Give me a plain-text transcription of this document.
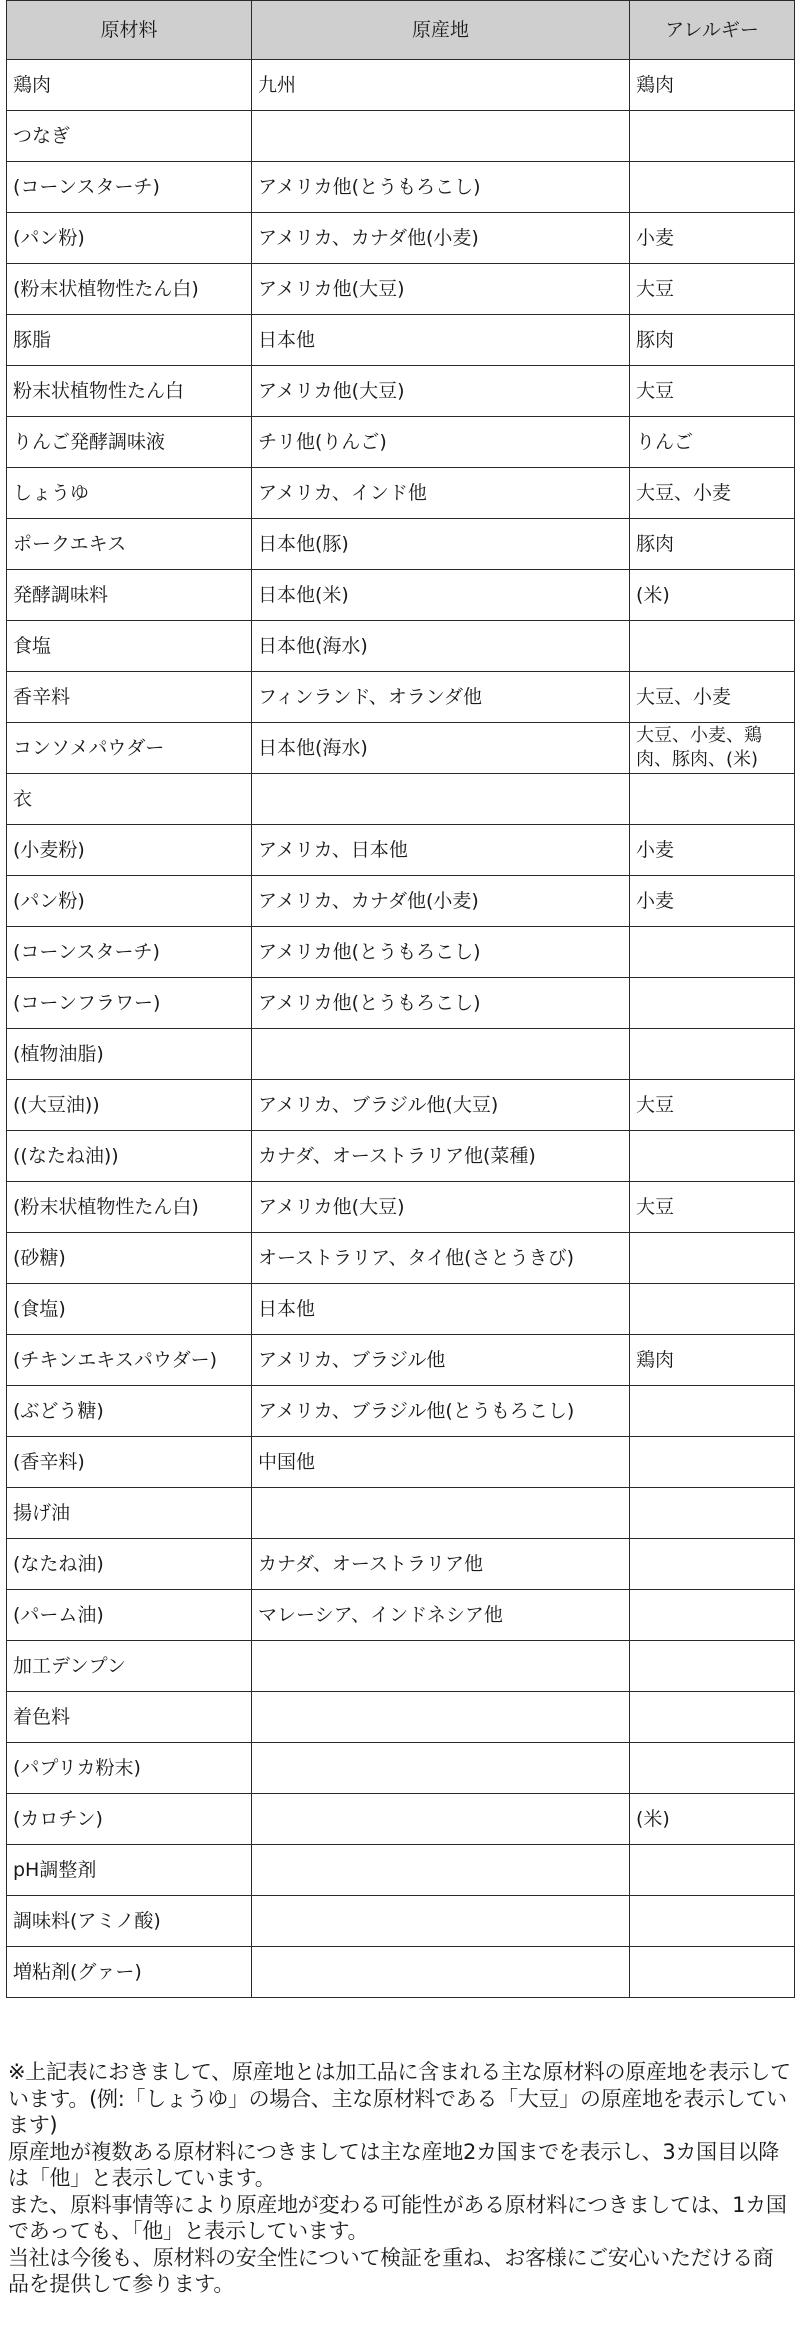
原材料	原産地	アレルギー
鶏肉	九州	鶏肉
つなぎ		
(コーンスターチ)	アメリカ他(とうもろこし)	
(パン粉)	アメリカ、カナダ他(小麦)	小麦
(粉末状植物性たん白)	アメリカ他(大豆)	大豆
豚脂	日本他	豚肉
粉末状植物性たん白	アメリカ他(大豆)	大豆
りんご発酵調味液	チリ他(りんご)	りんご
しょうゆ	アメリカ、インド他	大豆、小麦
ポークエキス	日本他(豚)	豚肉
発酵調味料	日本他(米)	(米)
食塩	日本他(海水)	
香辛料	フィンランド、オランダ他	大豆、小麦
コンソメパウダー	日本他(海水)	大豆、小麦、鶏肉、豚肉、(米)
衣		
(小麦粉)	アメリカ、日本他	小麦
(パン粉)	アメリカ、カナダ他(小麦)	小麦
(コーンスターチ)	アメリカ他(とうもろこし)	
(コーンフラワー)	アメリカ他(とうもろこし)	
(植物油脂)		
((大豆油))	アメリカ、ブラジル他(大豆)	大豆
((なたね油))	カナダ、オーストラリア他(菜種)	
(粉末状植物性たん白)	アメリカ他(大豆)	大豆
(砂糖)	オーストラリア、タイ他(さとうきび)	
(食塩)	日本他	
(チキンエキスパウダー)	アメリカ、ブラジル他	鶏肉
(ぶどう糖)	アメリカ、ブラジル他(とうもろこし)	
(香辛料)	中国他	
揚げ油		
(なたね油)	カナダ、オーストラリア他	
(パーム油)	マレーシア、インドネシア他	
加工デンプン		
着色料		
(パプリカ粉末)		
(カロチン)		(米)
pH調整剤		
調味料(アミノ酸)		
増粘剤(グァー)		

※上記表におきまして、原産地とは加工品に含まれる主な原材料の原産地を表示しています。(例:「しょうゆ」の場合、主な原材料である「大豆」の原産地を表示しています)

原産地が複数ある原材料につきましては主な産地2カ国までを表示し、3カ国目以降は「他」と表示しています。

また、原料事情等により原産地が変わる可能性がある原材料につきましては、1カ国であっても、「他」と表示しています。

当社は今後も、原材料の安全性について検証を重ね、お客様にご安心いただける商品を提供して参ります。
